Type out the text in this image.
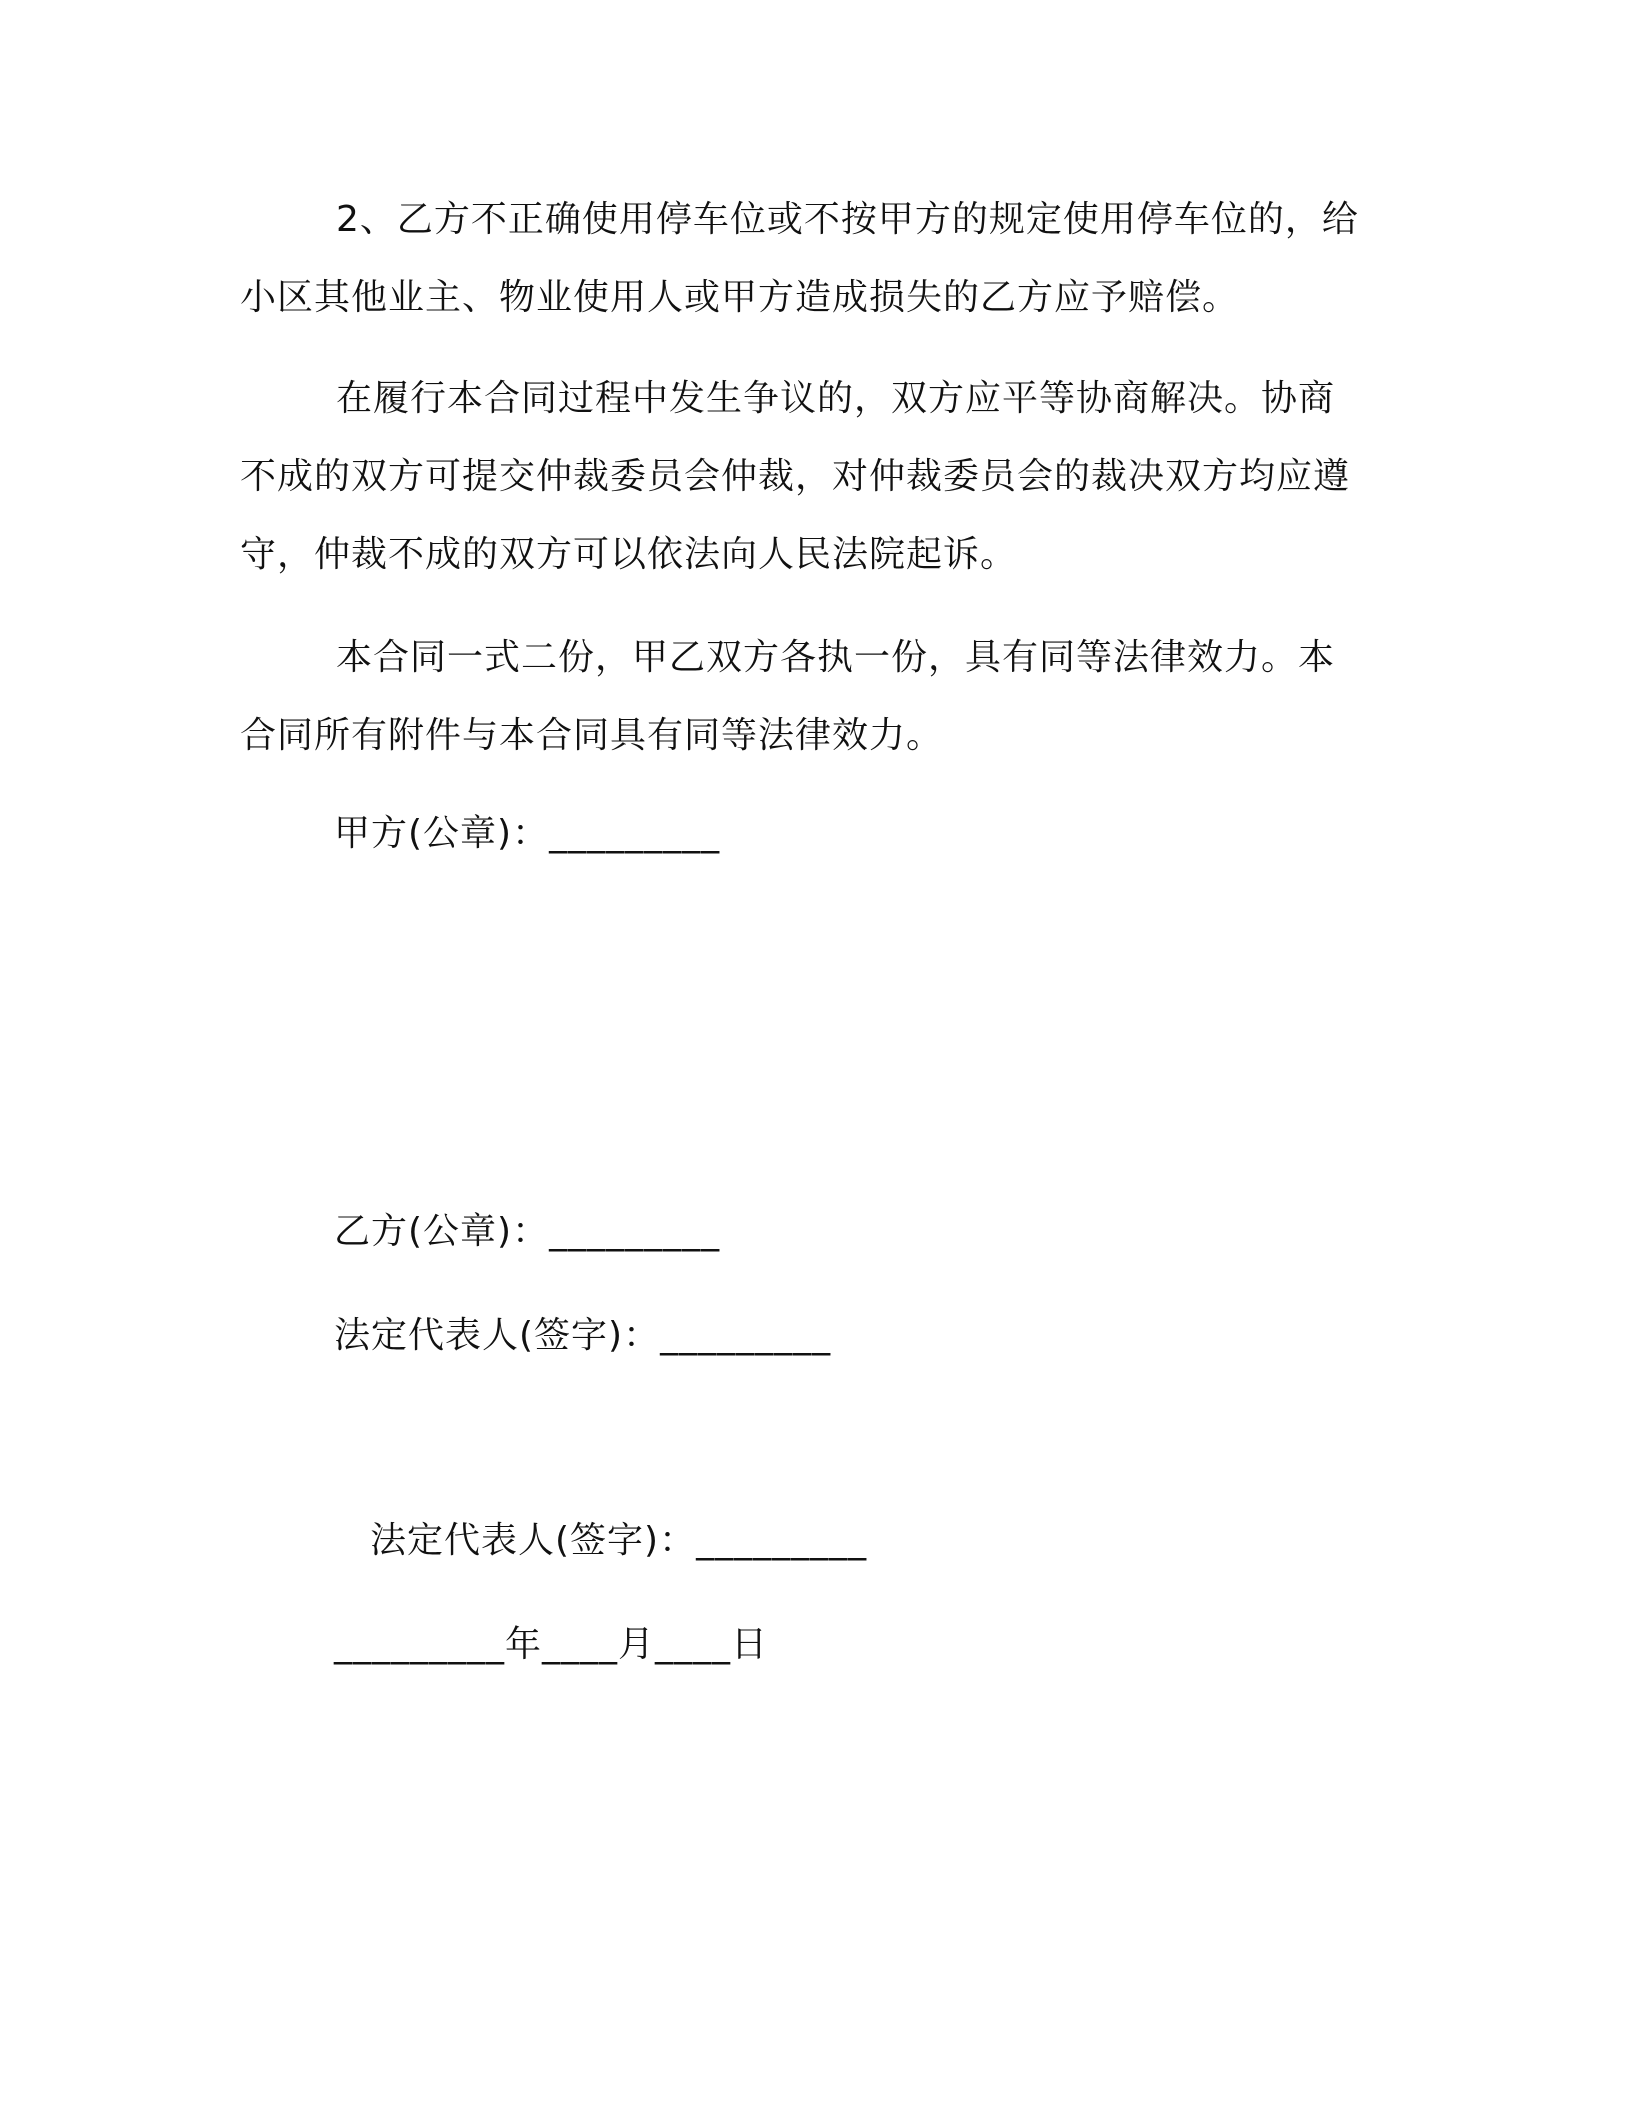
2、乙方不正确使用停车位或不按甲方的规定使用停车位的，给小区其他业主、物业使用人或甲方造成损失的乙方应予赔偿。

在履行本合同过程中发生争议的，双方应平等协商解决。协商不成的双方可提交仲裁委员会仲裁，对仲裁委员会的裁决双方均应遵守，仲裁不成的双方可以依法向人民法院起诉。

本合同一式二份，甲乙双方各执一份，具有同等法律效力。本合同所有附件与本合同具有同等法律效力。

甲方(公章)：_________
乙方(公章)：_________
法定代表人(签字)：_________
法定代表人(签字)：_________
_________年____月____日
